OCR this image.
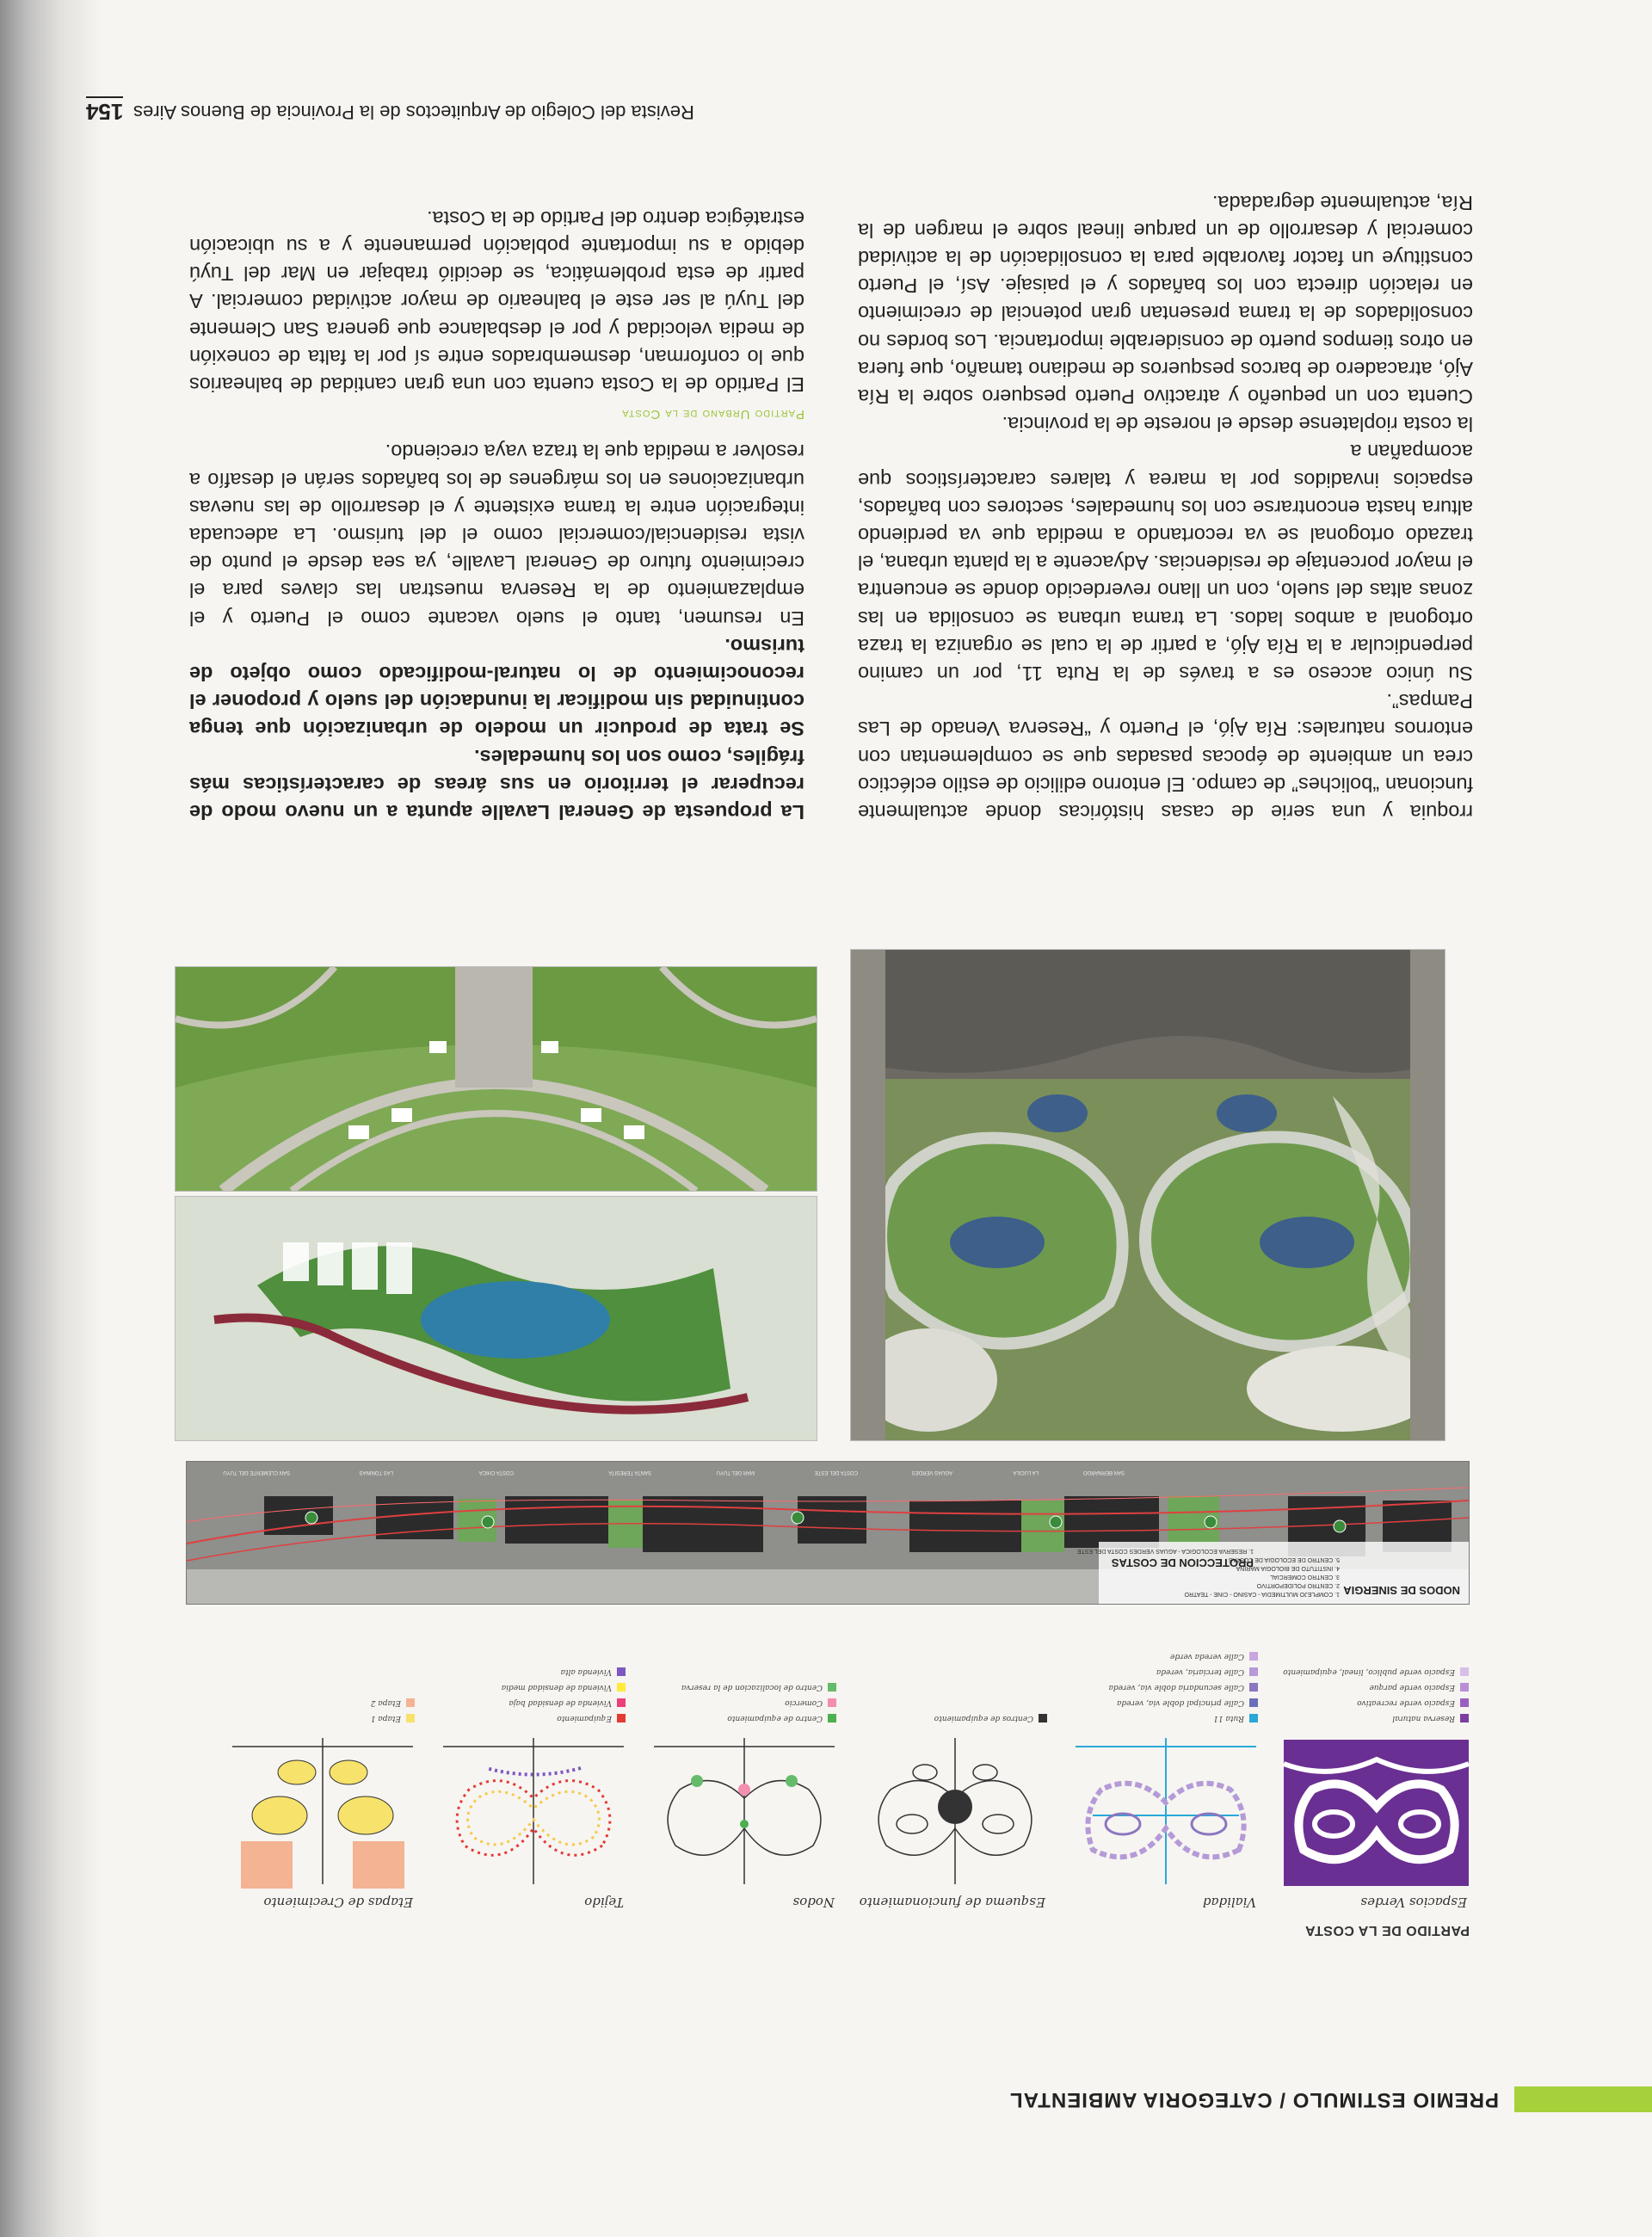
PREMIO ESTIMULO / CATEGORIA AMBIENTAL
PARTIDO DE LA COSTA
Espacios Verdes
Reserva natural
Espacio verde recreativo
Espacio verde parque
Espacio verde publico, lineal, equipamiento
Vialidad
Ruta 11
Calle principal doble via, vereda
Calle secundaria doble via, vereda
Calle terciaria, vereda
Calle vereda verde
Esquema de funcionamiento
Centros de equipamiento
Nodos
Centro de equipamiento
Comercio
Centro de localizacion de la reserva
Tejido
Equipamiento
Vivienda de densidad baja
Vivienda de densidad media
Vivienda alta
Etapas de Crecimiento
Etapa 1
Etapa 2
NODOS DE SINERGIA
1. COMPLEJO MULTIMEDIA - CASINO - CINE - TEATRO
2. CENTRO POLIDEPORTIVO
3. CENTRO COMERCIAL
4. INSTITUTO DE BIOLOGIA MARINA
5. CENTRO DE ECOLOGIA DE COSTAS
PROTECCION DE COSTAS
1. RESERVA ECOLOGICA - AGUAS VERDES COSTA DEL ESTE
SAN CLEMENTE DEL TUYU	LAS TONINAS	COSTA CHICA	SANTA TERESITA	MAR DEL TUYU	COSTA DEL ESTE	AGUAS VERDES	LA LUCILA	SAN BERNARDO

rroquia y una serie de casas históricas donde actualmente funcionan “boliches” de campo. El entorno edilicio de estilo ecléctico crea un ambiente de épocas pasadas que se complementan con entornos naturales: Ría Ajó, el Puerto y “Reserva Venado de Las Pampas”.

Su único acceso es a través de la Ruta 11, por un camino perpendicular a la Ría Ajó, a partir de la cual se organiza la traza ortogonal a ambos lados. La trama urbana se consolida en las zonas altas del suelo, con un llano reverdecido donde se encuentra el mayor porcentaje de residencias. Adyacente a la planta urbana, el trazado ortogonal se va recortando a medida que va perdiendo altura hasta encontrarse con los humedales, sectores con bañados, espacios invadidos por la marea y talares característicos que acompañan a

la costa rioplatense desde el noreste de la provincia.

Cuenta con un pequeño y atractivo Puerto pesquero sobre la Ría Ajó, atracadero de barcos pesqueros de mediano tamaño, que fuera en otros tiempos puerto de considerable importancia. Los bordes no consolidados de la trama presentan gran potencial de crecimiento en relación directa con los bañados y el paisaje. Así, el Puerto constituye un factor favorable para la consolidación de la actividad comercial y desarrollo de un parque lineal sobre el margen de la Ría, actualmente degradada.

La propuesta de General Lavalle apunta a un nuevo modo de recuperar el territorio en sus áreas de características más frágiles, como son los humedales.

Se trata de producir un modelo de urbanización que tenga continuidad sin modificar la inundación del suelo y proponer el reconocimiento de lo natural-modificado como objeto de turismo.

En resumen, tanto el suelo vacante como el Puerto y el emplazamiento de la Reserva muestran las claves para el crecimiento futuro de General Lavalle, ya sea desde el punto de vista residencial/comercial como el del turismo. La adecuada integración entre la trama existente y el desarrollo de las nuevas urbanizaciones en los márgenes de los bañados serán el desafío a resolver a medida que la traza vaya creciendo.

Partido Urbano de la Costa

El Partido de la Costa cuenta con una gran cantidad de balnearios que lo conforman, desmembrados entre sí por la falta de conexión de media velocidad y por el desbalance que genera San Clemente del Tuyú al ser este el balneario de mayor actividad comercial. A partir de esta problemática, se decidió trabajar en Mar del Tuyú debido a su importante población permanente y a su ubicación estratégica dentro del Partido de la Costa.

154 Revista del Colegio de Arquitectos de la Provincia de Buenos Aires
